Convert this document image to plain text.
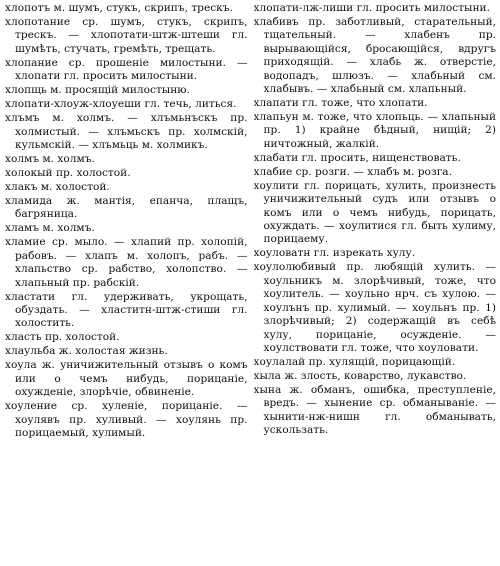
хлопотъ м. шумъ, стукъ, скрипъ, трескъ.

хлопотание ср. шумъ, стукъ, скрипъ, трескъ. — хлопотати-штж-штеши гл. шумѣть, стучать, гремѣть, трещать.

хлопание ср. прошеніе милостыни. — хлопати гл. просить милостыни.

хлопщь м. просящій милостыню.

хлопати-хлоуж-хлоуеши гл. течь, литься.

хлъмъ м. холмъ. — хлъмьнъскъ пр. холмистый. — хлъмьскъ пр. холмскій, кульмскій. — хлъмьць м. холмикъ.

холмъ м. холмъ.

холокый пр. холостой.

хлакъ м. холостой.

хламида ж. мантія, епанча, плащъ, багряница.

хламъ м. холмъ.

хламие ср. мыло. — хлапий пр. холопій, рабовъ. — хлапъ м. холопъ, рабъ. — хлапьство ср. рабство, холопство. — хлапьный пр. рабскій.

хластати гл. удерживать, укрощать, обуздать. — хластитн-штж-стиши гл. холостить.

хласть пр. холостой.

хлаульба ж. холостая жизнь.

хоула ж. уничижительный отзывъ о комъ или о чемъ нибудь, порицаніе, охужденіе, злорѣчіе, обвиненіе.

хоуление ср. хуленіе, порицаніе. — хоулявъ пр. хуливый. — хоулянь пр. порицаемый, хулимый.

хлопати-лж-лиши гл. просить милостыни.

хлабивъ пр. заботливый, старательный, тщательный. — хлабенъ пр. вырывающійся, бросающійся, вдругъ приходящій. — хлабь ж. отверстіе, водопадъ, шлюзъ. — хлабьный см. хлабывъ. — хлабьный см. хлапьный.

хлапати гл. тоже, что хлопати.

хлапьун м. тоже, что хлопьць. — хлапьный пр. 1) крайне бѣдный, нищій; 2) ничтожный, жалкій.

хлабати гл. просить, нищенствовать.

хлабие ср. розги. — хлабъ м. розга.

хоулити гл. порицать, хулить, произнесть уничижительный судъ или отзывъ о комъ или о чемъ нибудь, порицать, охуждать. — хоулитися гл. быть хулиму, порицаему.

хоуловатн гл. изрекать хулу.

хоулолюбивый пр. любящій хулить. — хоульникъ м. злорѣчивый, тоже, что хоулитель. — хоульно нрч. съ хулою. — хоулънъ пр. хулимый. — хоульнъ пр. 1) злорѣчивый; 2) содержащій въ себѣ хулу, порицаніе, осужденіе. — хоулствовати гл. тоже, что хоуловати.

хоулалай пр. хулящій, порицающій.

хыла ж. злость, коварство, лукавство.

хына ж. обманъ, ошибка, преступленіе, вредъ. — хынение ср. обманываніе. — хынити-нж-нишн гл. обманывать, ускользать.
